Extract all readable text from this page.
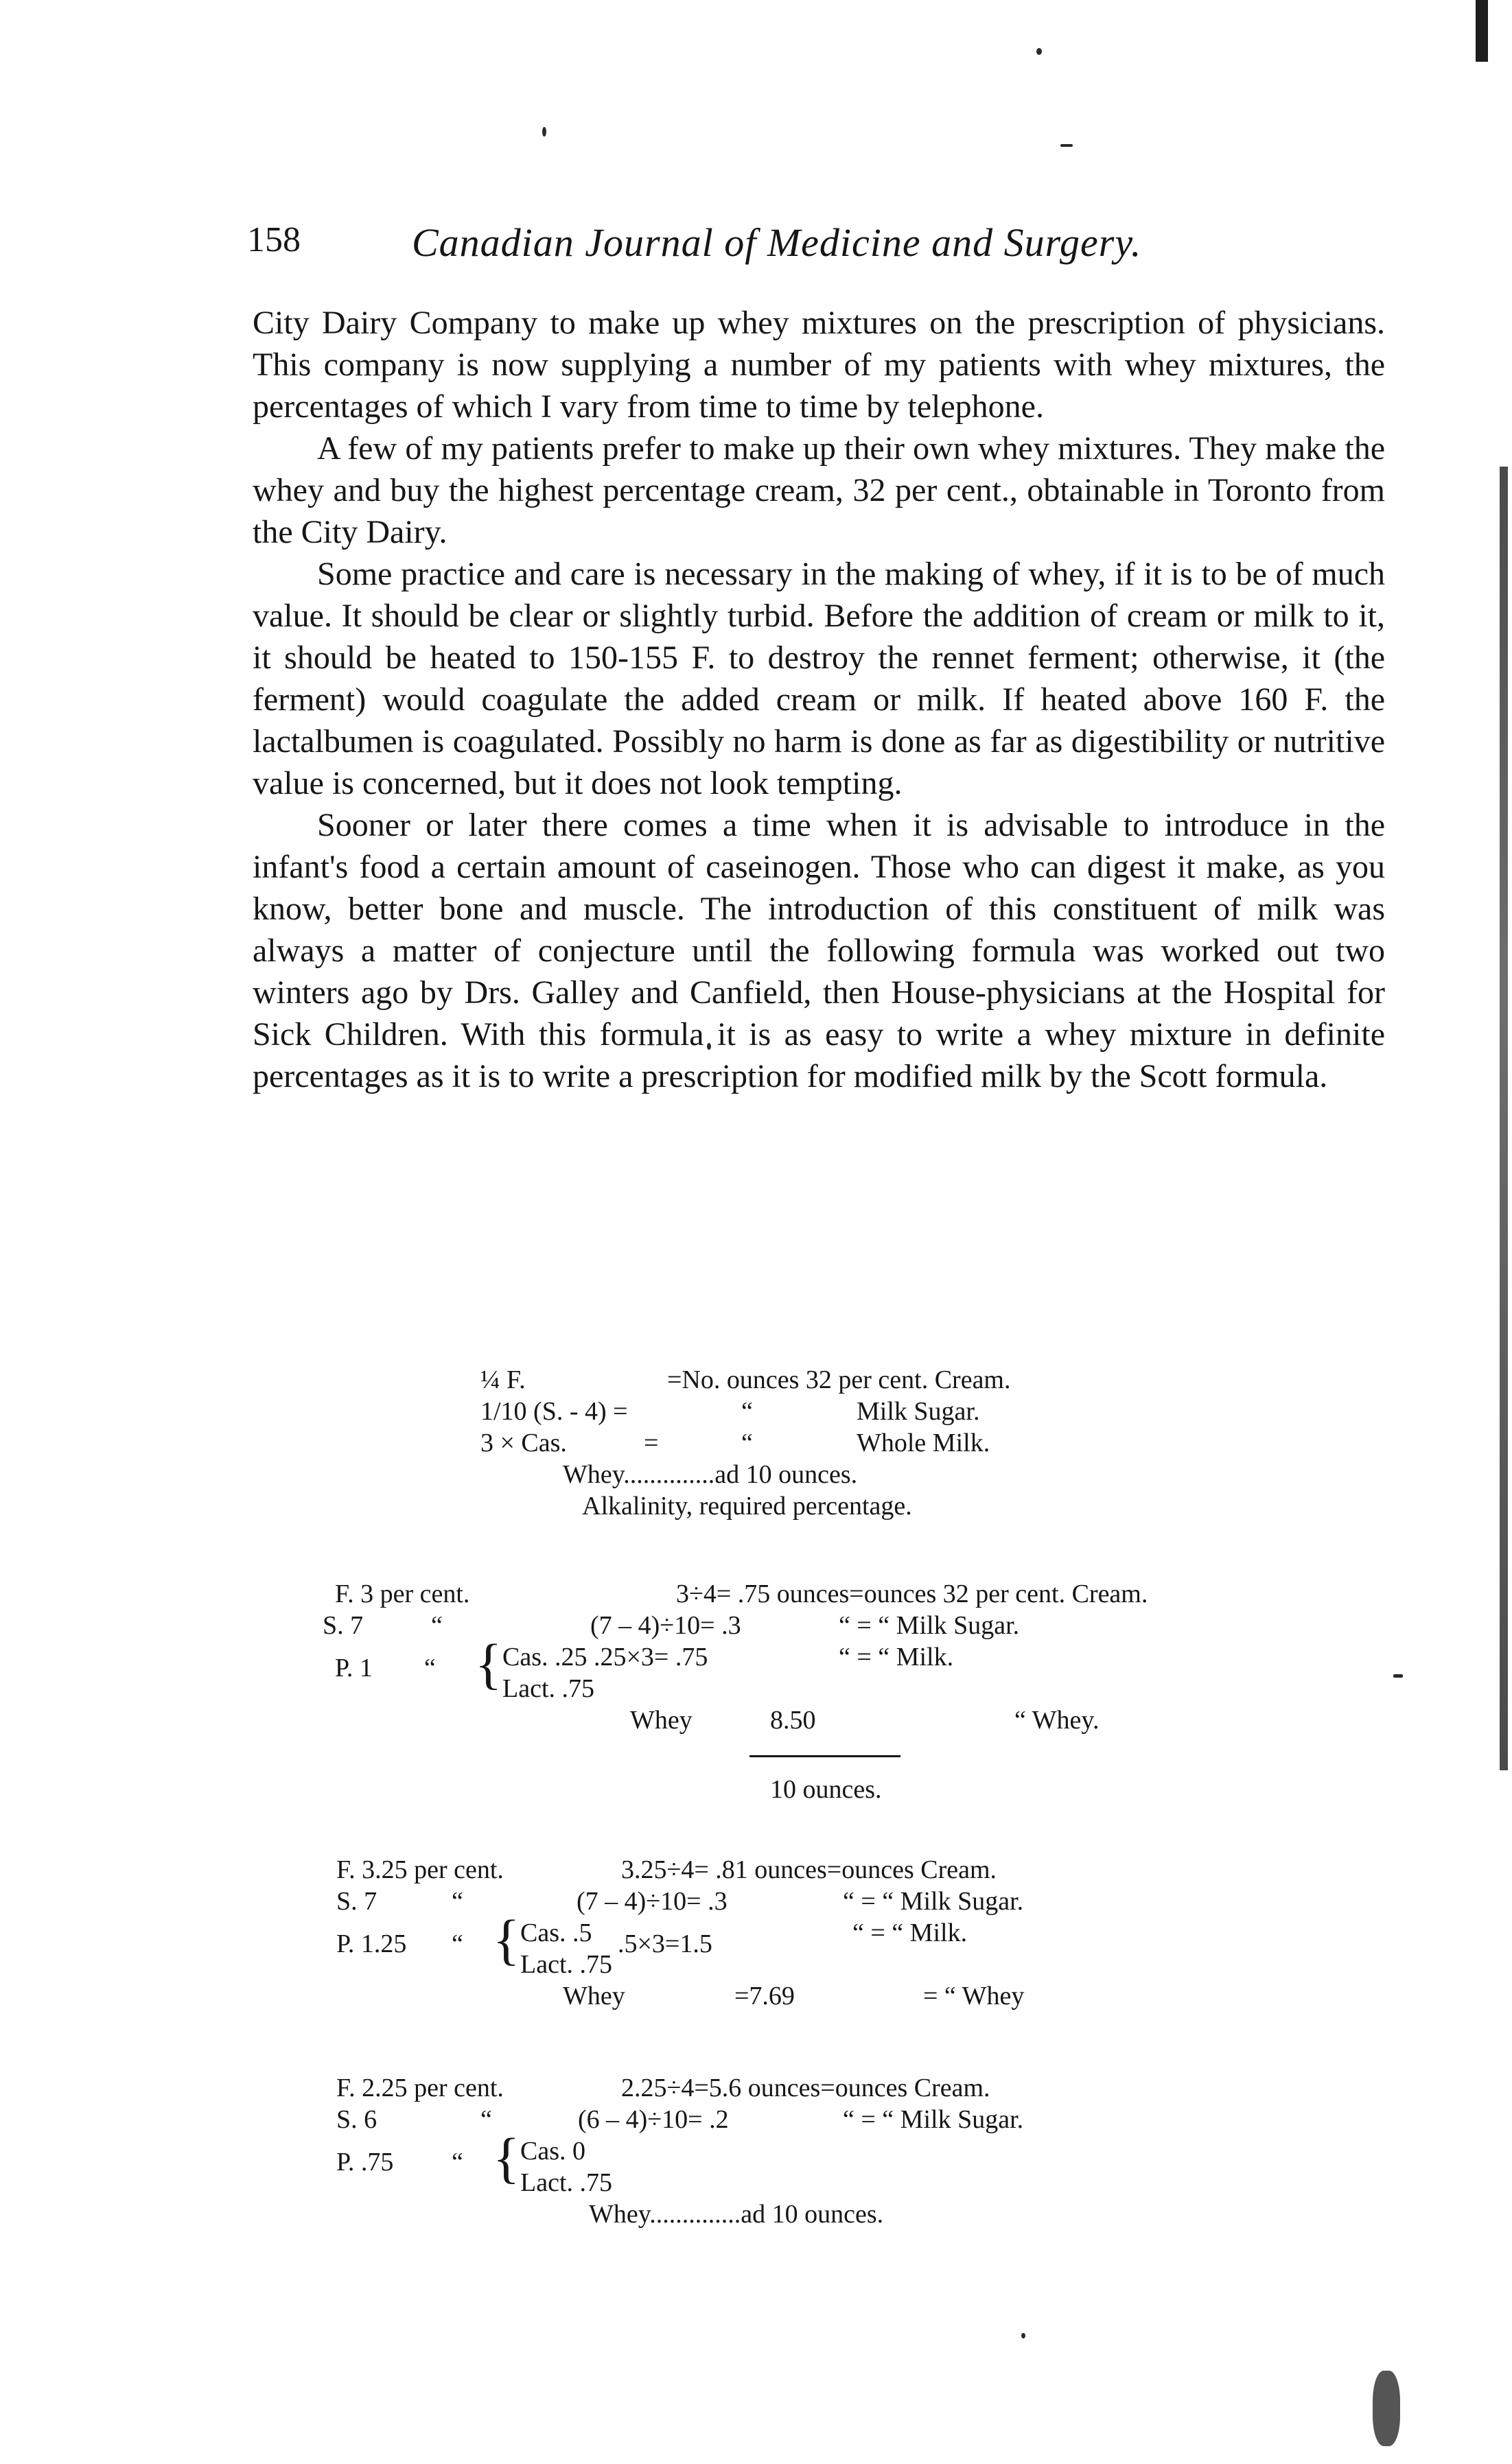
158	Canadian Journal of Medicine and Surgery.

City Dairy Company to make up whey mixtures on the prescription of physicians. This company is now supplying a number of my patients with whey mixtures, the percentages of which I vary from time to time by telephone.

A few of my patients prefer to make up their own whey mixtures. They make the whey and buy the highest percentage cream, 32 per cent., obtainable in Toronto from the City Dairy.

Some practice and care is necessary in the making of whey, if it is to be of much value. It should be clear or slightly turbid. Before the addition of cream or milk to it, it should be heated to 150-155 F. to destroy the rennet ferment; otherwise, it (the ferment) would coagulate the added cream or milk. If heated above 160 F. the lactalbumen is coagulated. Possibly no harm is done as far as digestibility or nutritive value is concerned, but it does not look tempting.

Sooner or later there comes a time when it is advisable to introduce in the infant's food a certain amount of caseinogen. Those who can digest it make, as you know, better bone and muscle. The introduction of this constituent of milk was always a matter of conjecture until the following formula was worked out two winters ago by Drs. Galley and Canfield, then House-physicians at the Hospital for Sick Children. With this formula it is as easy to write a whey mixture in definite percentages as it is to write a prescription for modified milk by the Scott formula.

¼ F.	=No. ounces 32 per cent. Cream.
1/10 (S. - 4) =	“	Milk Sugar.
3 × Cas.	=	“	Whole Milk.
Whey..............ad 10 ounces.
Alkalinity, required percentage.
F. 3 per cent.	3÷4= .75 ounces=ounces 32 per cent. Cream.
S. 7	“	(7 – 4)÷10= .3	“ = “ Milk Sugar.
P. 1 “ { Cas. .25 .25×3= .75	“ = “ Milk.
Lact. .75
Whey	8.50	“ Whey.
10 ounces.
F. 3.25 per cent.	3.25÷4= .81 ounces=ounces Cream.
S. 7	“	(7 – 4)÷10= .3	“ = “ Milk Sugar.
P. 1.25 “ { Cas. .5 .5×3=1.5	“ = “ Milk.
Lact. .75
Whey	=7.69	= “ Whey
F. 2.25 per cent.	2.25÷4=5.6 ounces=ounces Cream.
S. 6	“	(6 – 4)÷10= .2	“ = “ Milk Sugar.
P. .75 “ { Cas. 0
Lact. .75
Whey..............ad 10 ounces.
